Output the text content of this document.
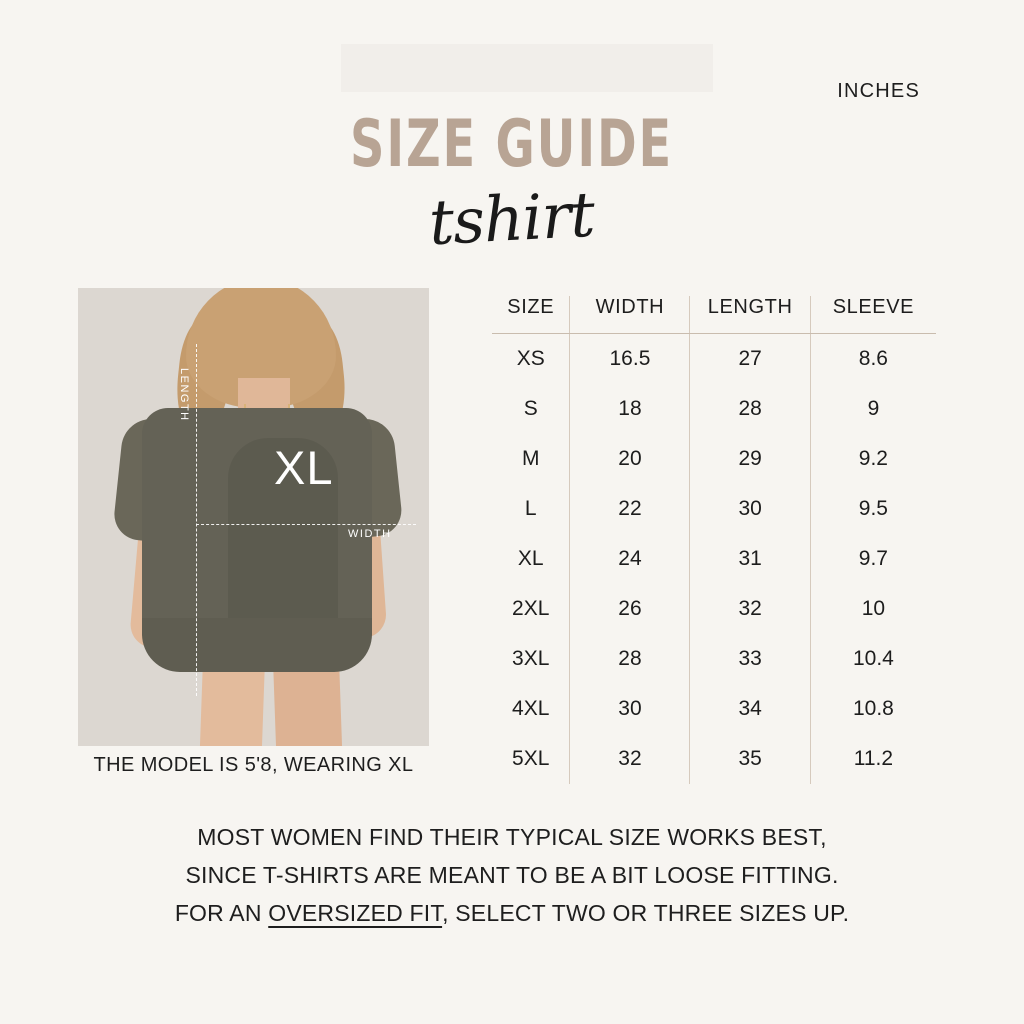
INCHES
SIZE GUIDE
tshirt
XL
LENGTH
WIDTH
THE MODEL IS 5'8, WEARING XL
SIZE	WIDTH	LENGTH	SLEEVE
XS	16.5	27	8.6
S	18	28	9
M	20	29	9.2
L	22	30	9.5
XL	24	31	9.7
2XL	26	32	10
3XL	28	33	10.4
4XL	30	34	10.8
5XL	32	35	11.2
MOST WOMEN FIND THEIR TYPICAL SIZE WORKS BEST,
SINCE T-SHIRTS ARE MEANT TO BE A BIT LOOSE FITTING.
FOR AN OVERSIZED FIT, SELECT TWO OR THREE SIZES UP.
